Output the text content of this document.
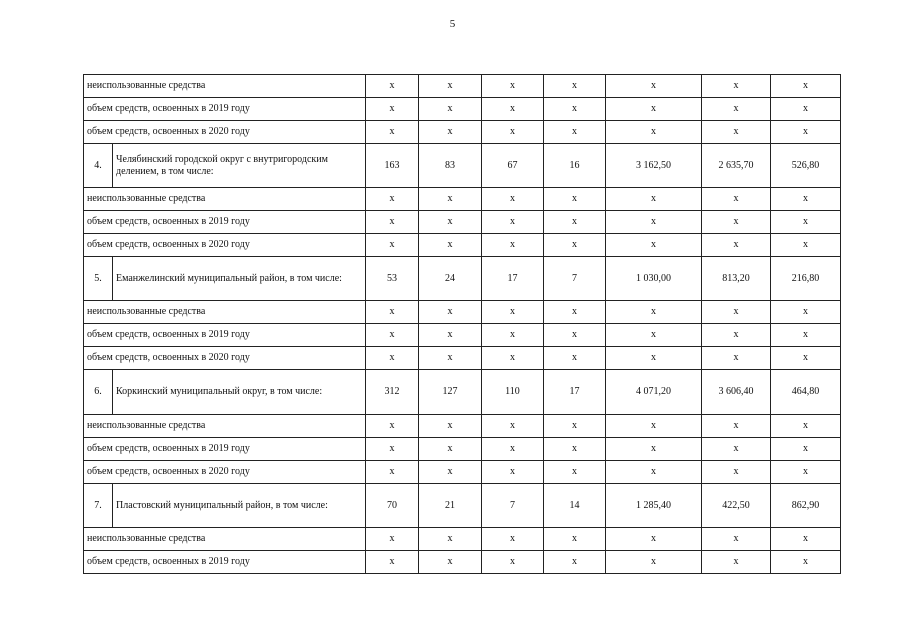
5
неиспользованные средства		x	x	x	x	x	x	x
объем средств, освоенных в 2019 году		x	x	x	x	x	x	x
объем средств, освоенных в 2020 году		x	x	x	x	x	x	x
4.	Челябинский городской округ с внутригородским делением, в том числе:	163	83	67	16	3 162,50	2 635,70	526,80
неиспользованные средства		x	x	x	x	x	x	x
объем средств, освоенных в 2019 году		x	x	x	x	x	x	x
объем средств, освоенных в 2020 году		x	x	x	x	x	x	x
5.	Еманжелинский муниципальный район, в том числе:	53	24	17	7	1 030,00	813,20	216,80
неиспользованные средства		x	x	x	x	x	x	x
объем средств, освоенных в 2019 году		x	x	x	x	x	x	x
объем средств, освоенных в 2020 году		x	x	x	x	x	x	x
6.	Коркинский муниципальный округ, в том числе:	312	127	110	17	4 071,20	3 606,40	464,80
неиспользованные средства		x	x	x	x	x	x	x
объем средств, освоенных в 2019 году		x	x	x	x	x	x	x
объем средств, освоенных в 2020 году		x	x	x	x	x	x	x
7.	Пластовский муниципальный район, в том числе:	70	21	7	14	1 285,40	422,50	862,90
неиспользованные средства		x	x	x	x	x	x	x
объем средств, освоенных в 2019 году		x	x	x	x	x	x	x
